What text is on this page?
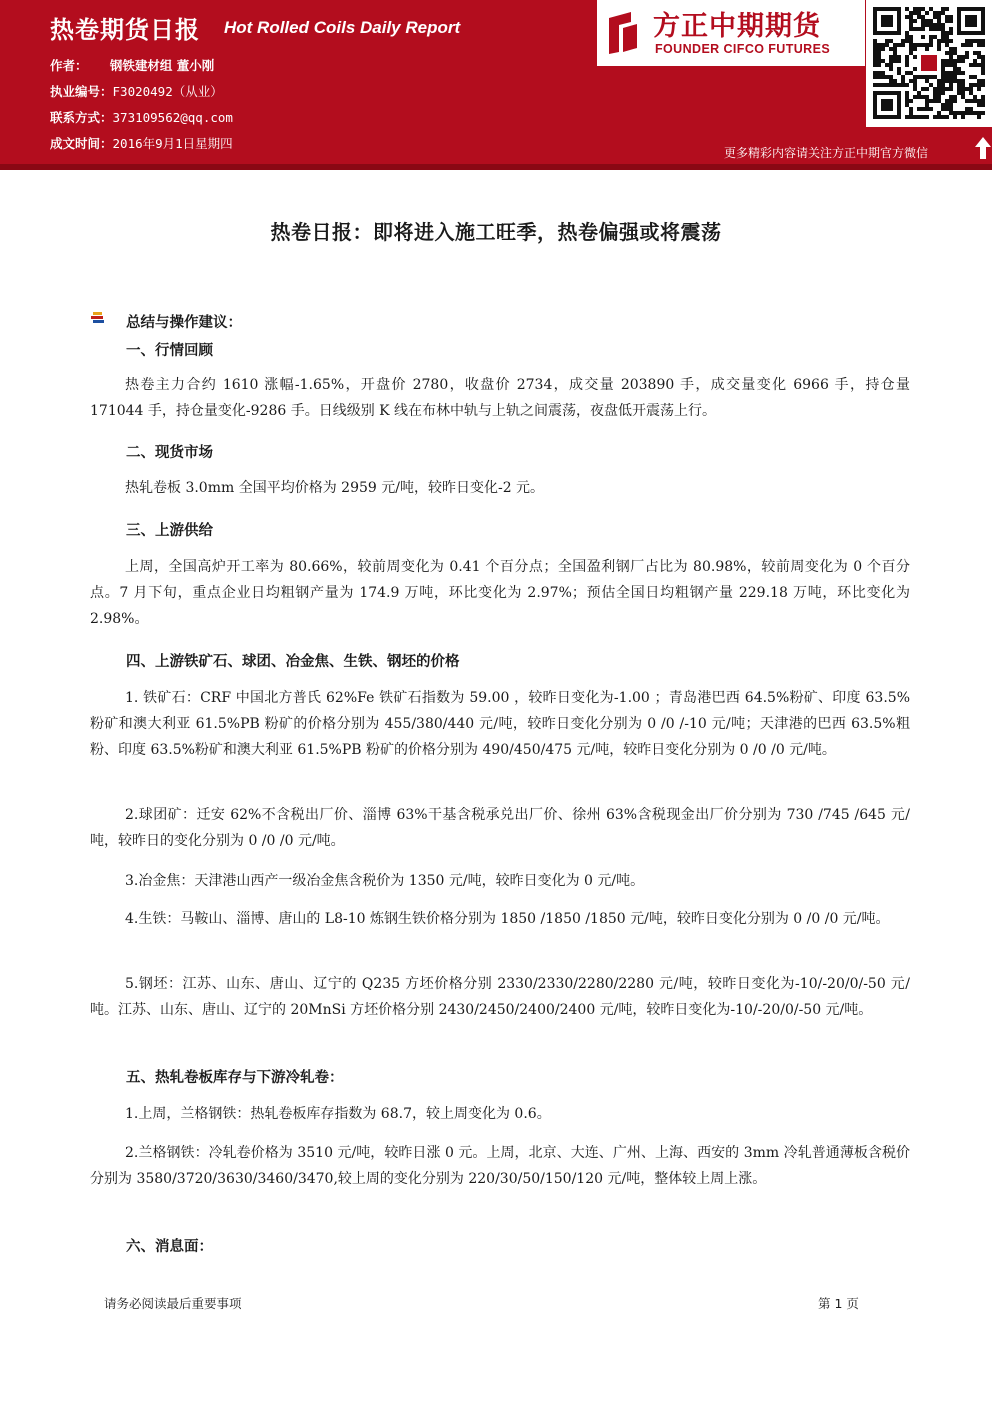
热卷期货日报 Hot Rolled Coils Daily Report
作者： 钢铁建材组 董小刚
执业编号：F3020492（从业）
联系方式：373109562@qq.com
成文时间：2016年9月1日星期四
方正中期期货
FOUNDER CIFCO FUTURES
更多精彩内容请关注方正中期官方微信
热卷日报：即将进入施工旺季，热卷偏强或将震荡
总结与操作建议：
一、行情回顾
热卷主力合约 1610 涨幅-1.65%，开盘价 2780，收盘价 2734，成交量 203890 手，成交量变化 6966 手，持仓量 171044 手，持仓量变化-9286 手。日线级别 K 线在布林中轨与上轨之间震荡，夜盘低开震荡上行。
二、现货市场
热轧卷板 3.0mm 全国平均价格为 2959 元/吨，较昨日变化-2 元。
三、上游供给
上周，全国高炉开工率为 80.66%，较前周变化为 0.41 个百分点；全国盈利钢厂占比为 80.98%，较前周变化为 0 个百分点。7 月下旬，重点企业日均粗钢产量为 174.9 万吨，环比变化为 2.97%；预估全国日均粗钢产量 229.18 万吨，环比变化为 2.98%。
四、上游铁矿石、球团、冶金焦、生铁、钢坯的价格
1. 铁矿石：CRF 中国北方普氏 62%Fe 铁矿石指数为 59.00 ，较昨日变化为-1.00 ；青岛港巴西 64.5%粉矿、印度 63.5%粉矿和澳大利亚 61.5%PB 粉矿的价格分别为 455/380/440 元/吨，较昨日变化分别为 0 /0 /-10 元/吨；天津港的巴西 63.5%粗粉、印度 63.5%粉矿和澳大利亚 61.5%PB 粉矿的价格分别为 490/450/475 元/吨，较昨日变化分别为 0 /0 /0 元/吨。
2.球团矿：迁安 62%不含税出厂价、淄博 63%干基含税承兑出厂价、徐州 63%含税现金出厂价分别为 730 /745 /645 元/吨，较昨日的变化分别为 0 /0 /0 元/吨。
3.冶金焦：天津港山西产一级冶金焦含税价为 1350 元/吨，较昨日变化为 0 元/吨。
4.生铁：马鞍山、淄博、唐山的 L8-10 炼钢生铁价格分别为 1850 /1850 /1850 元/吨，较昨日变化分别为 0 /0 /0 元/吨。
5.钢坯：江苏、山东、唐山、辽宁的 Q235 方坯价格分别 2330/2330/2280/2280 元/吨，较昨日变化为-10/-20/0/-50 元/吨。江苏、山东、唐山、辽宁的 20MnSi 方坯价格分别 2430/2450/2400/2400 元/吨，较昨日变化为-10/-20/0/-50 元/吨。
五、热轧卷板库存与下游冷轧卷：
1.上周，兰格钢铁：热轧卷板库存指数为 68.7，较上周变化为 0.6。
2.兰格钢铁：冷轧卷价格为 3510 元/吨，较昨日涨 0 元。上周，北京、大连、广州、上海、西安的 3mm 冷轧普通薄板含税价分别为 3580/3720/3630/3460/3470,较上周的变化分别为 220/30/50/150/120 元/吨，整体较上周上涨。
六、消息面：
请务必阅读最后重要事项	第 1 页
